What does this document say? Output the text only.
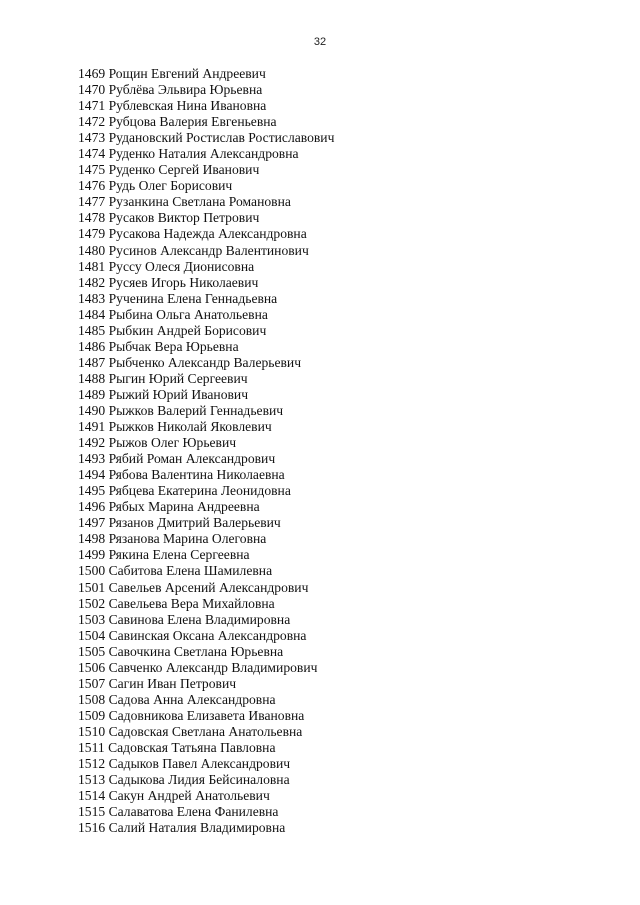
32
1469 Рощин Евгений Андреевич
1470 Рублёва Эльвира Юрьевна
1471 Рублевская Нина Ивановна
1472 Рубцова Валерия Евгеньевна
1473 Рудановский Ростислав Ростиславович
1474 Руденко Наталия Александровна
1475 Руденко Сергей Иванович
1476 Рудь Олег Борисович
1477 Рузанкина Светлана Романовна
1478 Русаков Виктор Петрович
1479 Русакова Надежда Александровна
1480 Русинов Александр Валентинович
1481 Руссу Олеся Дионисовна
1482 Русяев Игорь Николаевич
1483 Рученина Елена Геннадьевна
1484 Рыбина Ольга Анатольевна
1485 Рыбкин Андрей Борисович
1486 Рыбчак Вера Юрьевна
1487 Рыбченко Александр Валерьевич
1488 Рыгин Юрий Сергеевич
1489 Рыжий Юрий Иванович
1490 Рыжков Валерий Геннадьевич
1491 Рыжков Николай Яковлевич
1492 Рыжов Олег Юрьевич
1493 Рябий Роман Александрович
1494 Рябова Валентина Николаевна
1495 Рябцева Екатерина Леонидовна
1496 Рябых Марина Андреевна
1497 Рязанов Дмитрий Валерьевич
1498 Рязанова Марина Олеговна
1499 Рякина Елена Сергеевна
1500 Сабитова Елена Шамилевна
1501 Савельев Арсений Александрович
1502 Савельева Вера Михайловна
1503 Савинова Елена Владимировна
1504 Савинская Оксана Александровна
1505 Савочкина Светлана Юрьевна
1506 Савченко Александр Владимирович
1507 Сагин Иван Петрович
1508 Садова Анна Александровна
1509 Садовникова Елизавета Ивановна
1510 Садовская Светлана Анатольевна
1511 Садовская Татьяна Павловна
1512 Садыков Павел Александрович
1513 Садыкова Лидия Бейсиналовна
1514 Сакун Андрей Анатольевич
1515 Салаватова Елена Фанилевна
1516 Салий Наталия Владимировна
